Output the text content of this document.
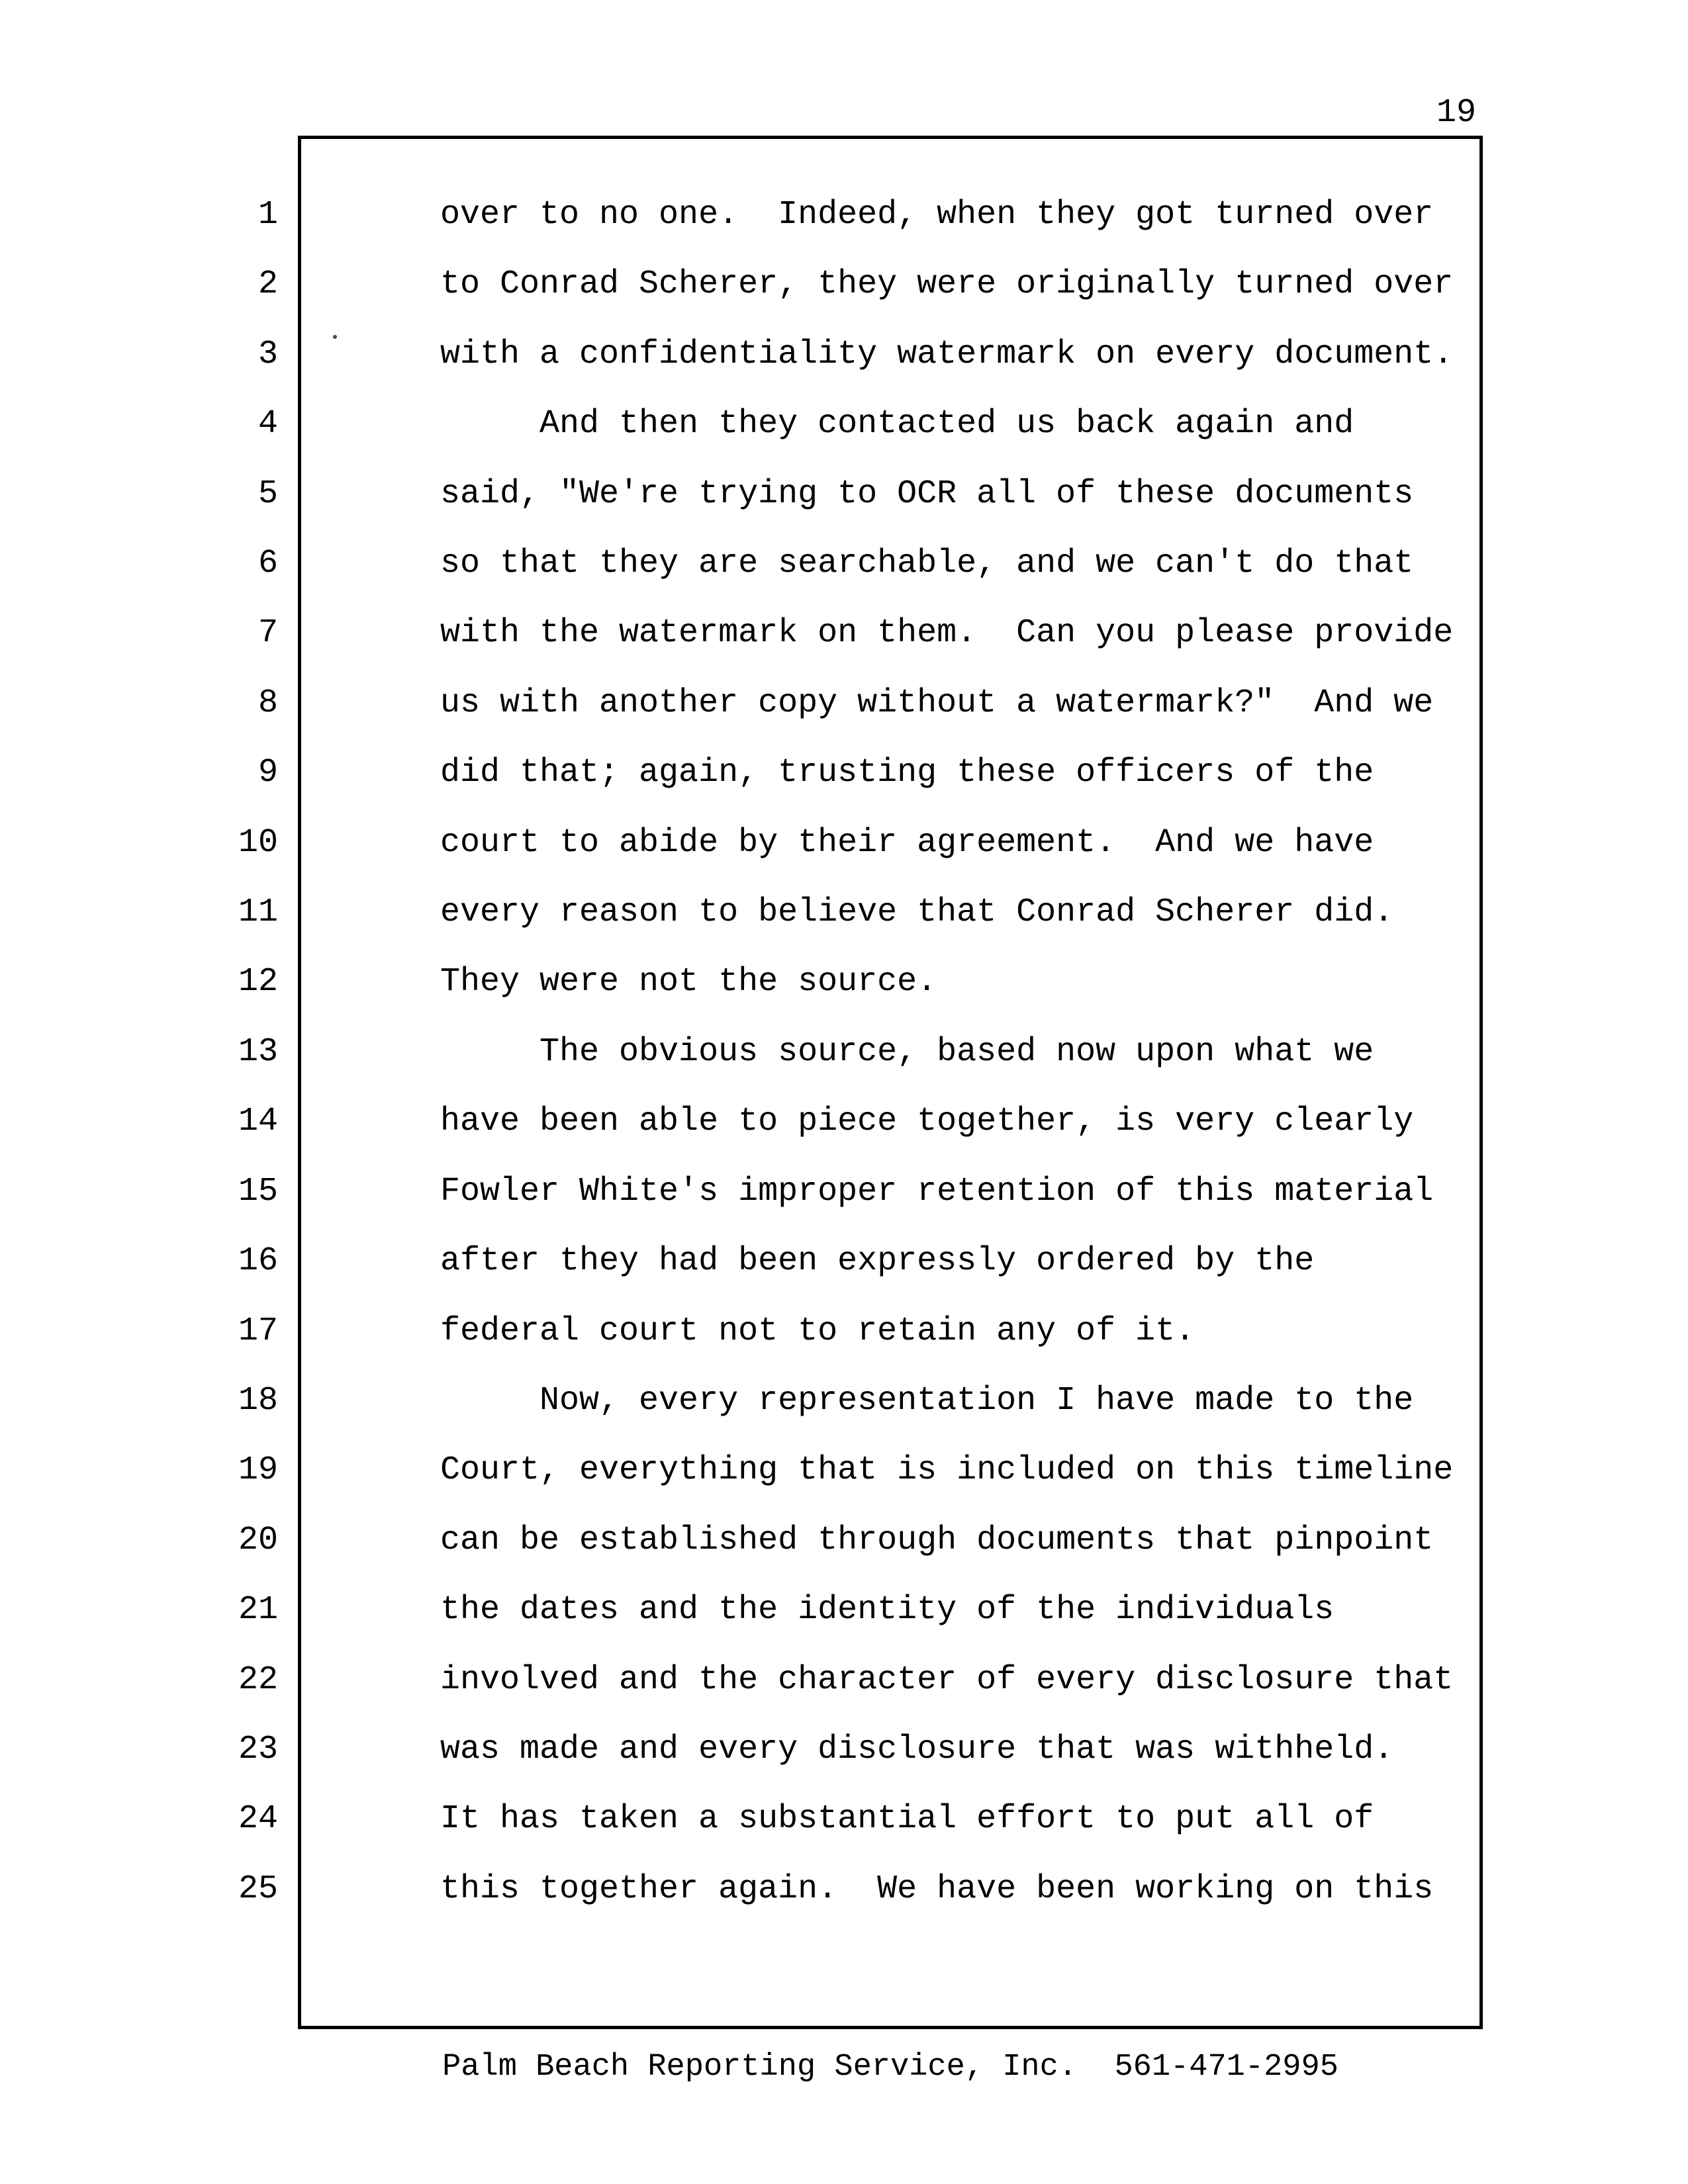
19
1
2
3
4
5
6
7
8
9
10
11
12
13
14
15
16
17
18
19
20
21
22
23
24
25
over to no one.  Indeed, when they got turned over
to Conrad Scherer, they were originally turned over
with a confidentiality watermark on every document.
And then they contacted us back again and
said, "We're trying to OCR all of these documents
so that they are searchable, and we can't do that
with the watermark on them.  Can you please provide
us with another copy without a watermark?"  And we
did that; again, trusting these officers of the
court to abide by their agreement.  And we have
every reason to believe that Conrad Scherer did.
They were not the source.
The obvious source, based now upon what we
have been able to piece together, is very clearly
Fowler White's improper retention of this material
after they had been expressly ordered by the
federal court not to retain any of it.
Now, every representation I have made to the
Court, everything that is included on this timeline
can be established through documents that pinpoint
the dates and the identity of the individuals
involved and the character of every disclosure that
was made and every disclosure that was withheld.
It has taken a substantial effort to put all of
this together again.  We have been working on this
Palm Beach Reporting Service, Inc.  561-471-2995
